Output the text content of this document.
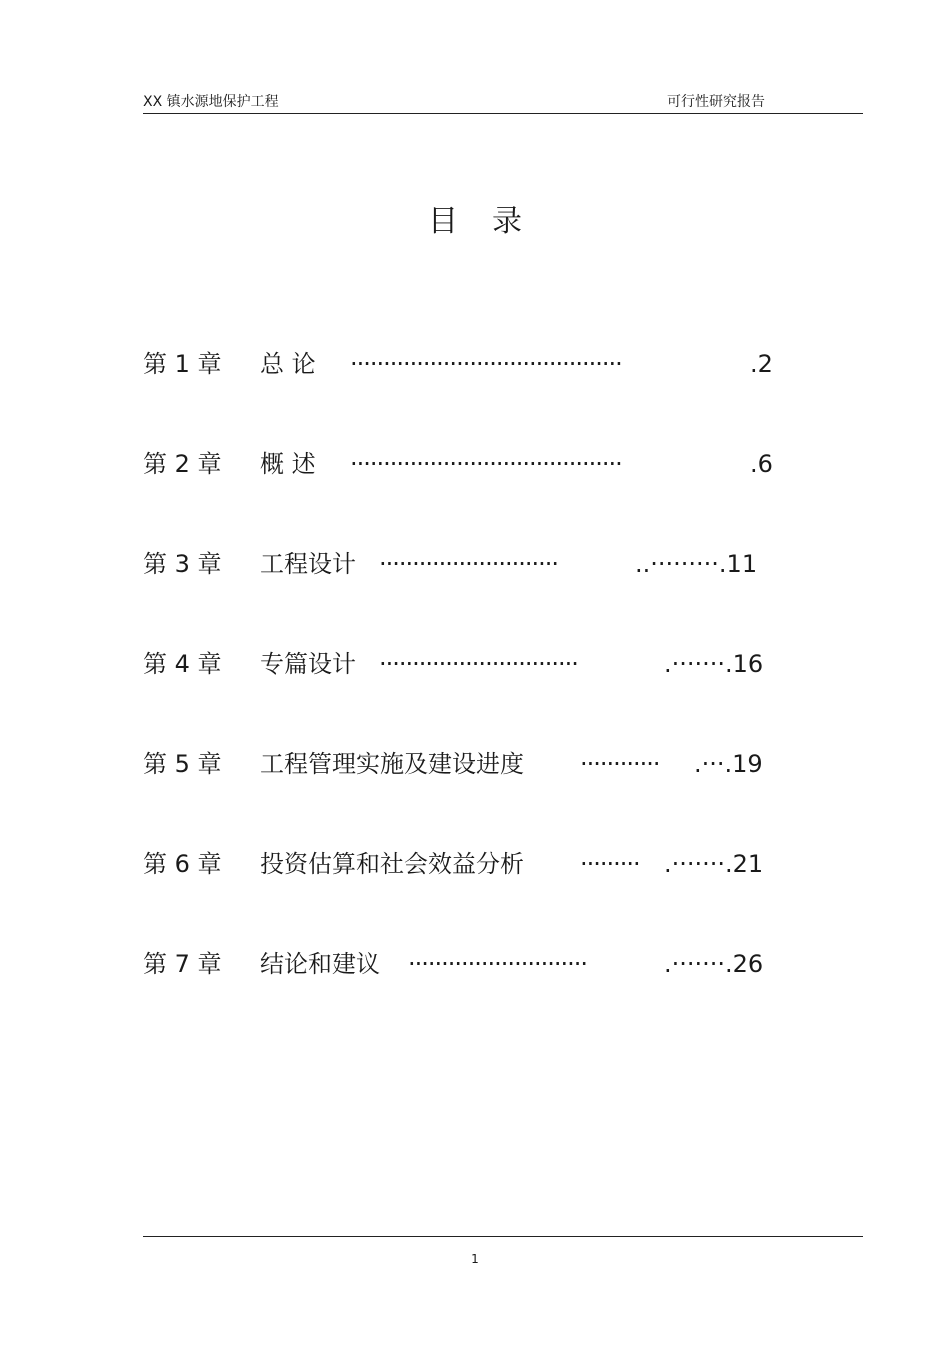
XX 镇水源地保护工程	可行性研究报告
目录
第 1 章 总 论 ·········································	.2
第 2 章 概 述 ·········································	.6
第 3 章 工程设计 ···························	..·········.11
第 4 章 专篇设计 ······························	.·······.16
第 5 章 工程管理实施及建设进度 ············ .···.19
第 6 章 投资估算和社会效益分析 ········· .·······.21
第 7 章 结论和建议 ···························	.·······.26
1
